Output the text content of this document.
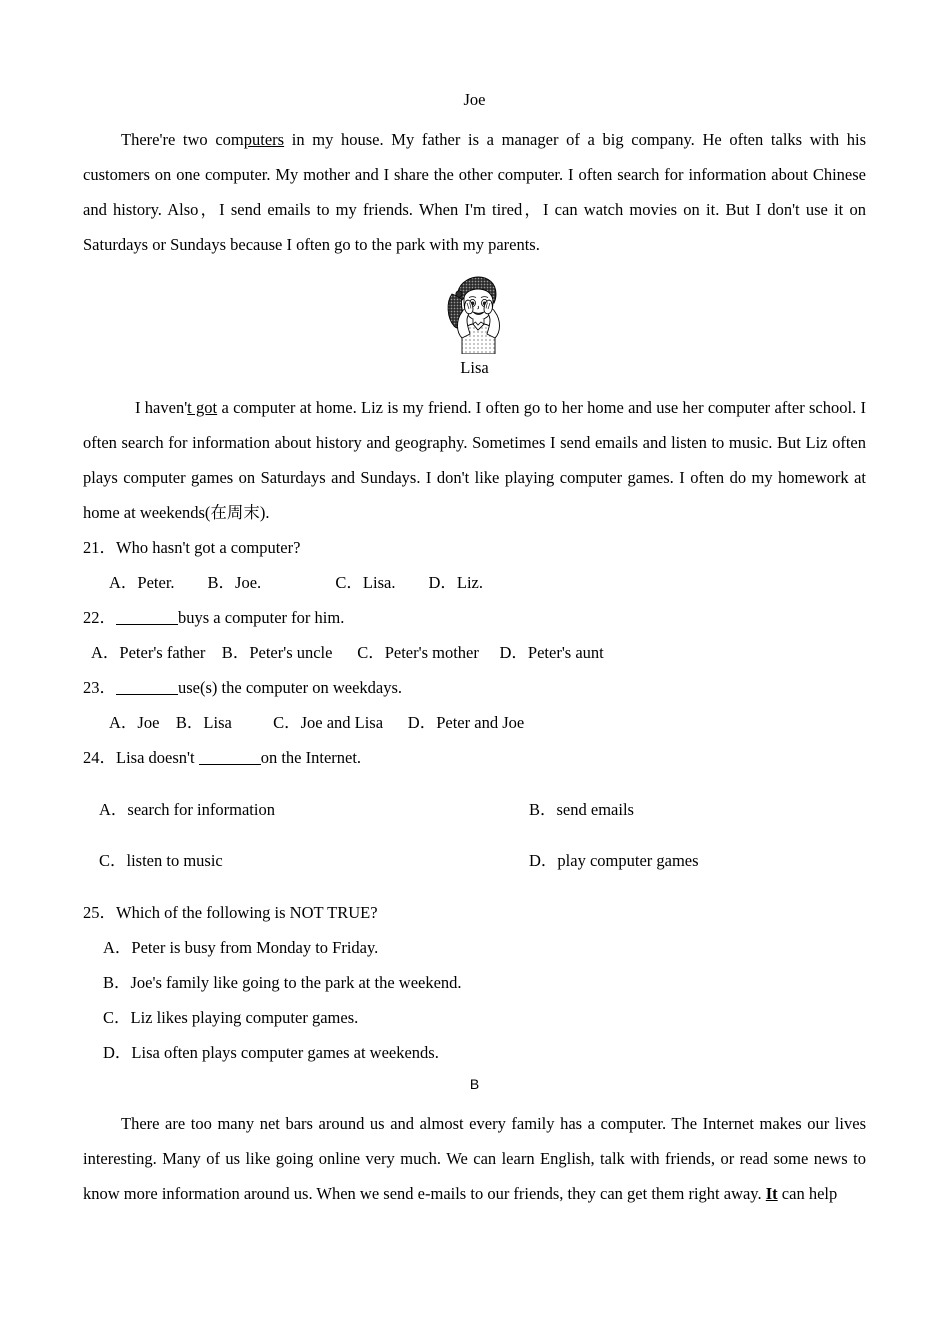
Joe

There're two computers in my house. My father is a manager of a big company. He often talks with his customers on one computer. My mother and I share the other computer. I often search for information about Chinese and history. Also，I send emails to my friends. When I'm tired，I can watch movies on it. But I don't use it on Saturdays or Sundays because I often go to the park with my parents.

Lisa

I haven't got a computer at home. Liz is my friend. I often go to her home and use her computer after school. I often search for information about history and geography. Sometimes I send emails and listen to music. But Liz often plays computer games on Saturdays and Sundays. I don't like playing computer games. I often do my homework at home at weekends(在周末).

21．Who hasn't got a computer?

A．Peter.        B．Joe.                  C．Lisa.        D．Liz.

22．	buys a computer for him.

A．Peter's father    B．Peter's uncle      C．Peter's mother     D．Peter's aunt

23．	use(s) the computer on weekdays.

A．Joe    B．Lisa          C．Joe and Lisa      D．Peter and Joe

24．Lisa doesn't	on the Internet.

A．search for information	B．send emails

C．listen to music	D．play computer games

25．Which of the following is NOT TRUE?

A．Peter is busy from Monday to Friday.

B．Joe's family like going to the park at the weekend.

C．Liz likes playing computer games.

D．Lisa often plays computer games at weekends.

B

There are too many net bars around us and almost every family has a computer. The Internet makes our lives interesting. Many of us like going online very much. We can learn English, talk with friends, or read some news to know more information around us. When we send e-mails to our friends, they can get them right away. It can help
